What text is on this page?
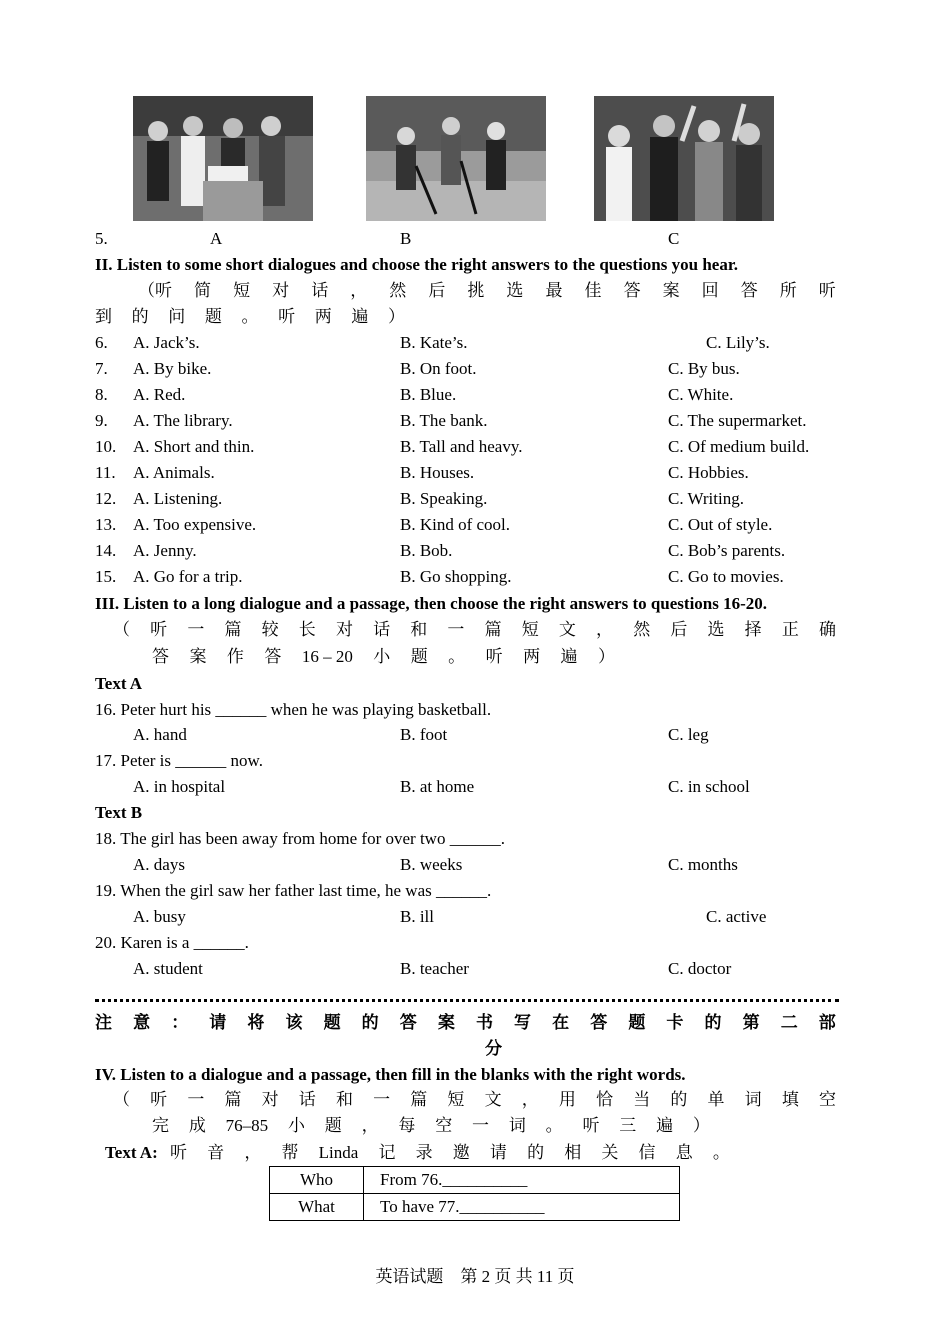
5.	A	B	C
II. Listen to some short dialogues and choose the right answers to the questions you hear.
（听 简 短 对 话 ， 然 后 挑 选 最 佳 答 案 回 答 所 听
到 的 问 题 。 听 两 遍 ）
6. A. Jack’s.	B. Kate’s.	C. Lily’s.
7. A. By bike.	B. On foot.	C. By bus.
8. A. Red.	B. Blue.	C. White.
9. A. The library.	B. The bank.	C. The supermarket.
10. A. Short and thin.	B. Tall and heavy.	C. Of medium build.
11. A. Animals.	B. Houses.	C. Hobbies.
12. A. Listening.	B. Speaking.	C. Writing.
13. A. Too expensive.	B. Kind of cool.	C. Out of style.
14. A. Jenny.	B. Bob.	C. Bob’s parents.
15. A. Go for a trip.	B. Go shopping.	C. Go to movies.
III. Listen to a long dialogue and a passage, then choose the right answers to questions 16-20.
（ 听 一 篇 较 长 对 话 和 一 篇 短 文 ， 然 后 选 择 正 确
答 案 作 答 16 – 20 小 题 。 听 两 遍 ）
Text A
16. Peter hurt his ______ when he was playing basketball.
A. hand	B. foot	C. leg
17. Peter is ______ now.
A. in hospital	B. at home	C. in school
Text B
18. The girl has been away from home for over two ______.
A. days	B. weeks	C. months
19. When the girl saw her father last time, he was ______.
A. busy	B. ill	C. active
20. Karen is a ______.
A. student	B. teacher	C. doctor
注 意 ： 请 将 该 题 的 答 案 书 写 在 答 题 卡 的 第 二 部
分
IV. Listen to a dialogue and a passage, then fill in the blanks with the right words.
（ 听 一 篇 对 话 和 一 篇 短 文 ， 用 恰 当 的 单 词 填 空
完 成 76–85 小 题 ， 每 空 一 词 。 听 三 遍 ）
Text A: 听 音 ， 帮 Linda 记 录 邀 请 的 相 关 信 息 。
Who	From 76.__________
What	To have 77.__________
英语试题　第 2 页 共 11 页
